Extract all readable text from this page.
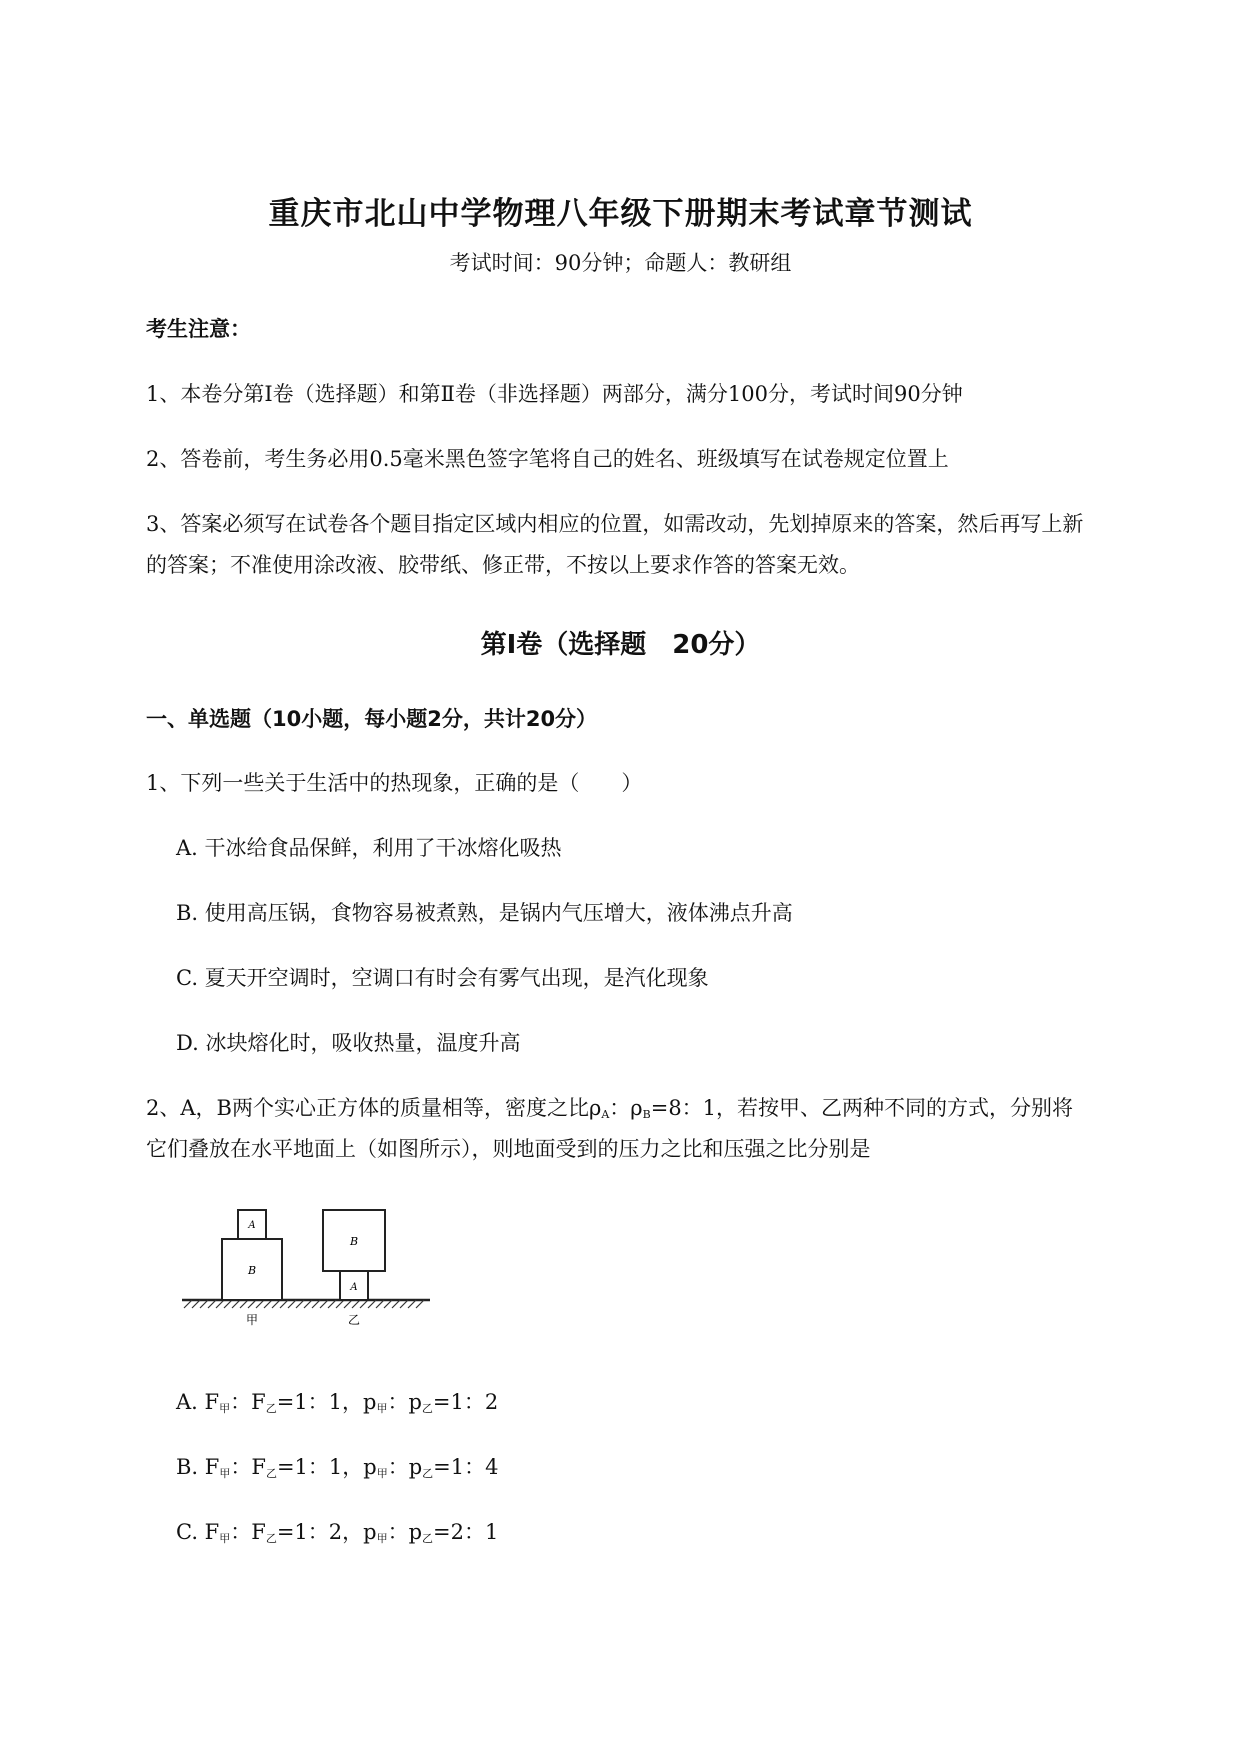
重庆市北山中学物理八年级下册期末考试章节测试
考试时间：90分钟；命题人：教研组
考生注意：
1、本卷分第I卷（选择题）和第Ⅱ卷（非选择题）两部分，满分100分，考试时间90分钟
2、答卷前，考生务必用0.5毫米黑色签字笔将自己的姓名、班级填写在试卷规定位置上
3、答案必须写在试卷各个题目指定区域内相应的位置，如需改动，先划掉原来的答案，然后再写上新
的答案；不准使用涂改液、胶带纸、修正带，不按以上要求作答的答案无效。
第I卷（选择题　20分）
一、单选题（10小题，每小题2分，共计20分）
1、下列一些关于生活中的热现象，正确的是（　　）
A. 干冰给食品保鲜，利用了干冰熔化吸热
B. 使用高压锅，食物容易被煮熟，是锅内气压增大，液体沸点升高
C. 夏天开空调时，空调口有时会有雾气出现，是汽化现象
D. 冰块熔化时，吸收热量，温度升高
2、A，B两个实心正方体的质量相等，密度之比$\rho_A$：$\rho_B=8$：1，若按甲、乙两种不同的方式，分别将
它们叠放在水平地面上（如图所示），则地面受到的压力之比和压强之比分别是
B
A
甲
B
A
乙
A. $F_甲$：$F_乙=1$：1，$p_甲$：$p_乙=1$：2
B. $F_甲$：$F_乙=1$：1，$p_甲$：$p_乙=1$：4
C. $F_甲$：$F_乙=1$：2，$p_甲$：$p_乙=2$：1
